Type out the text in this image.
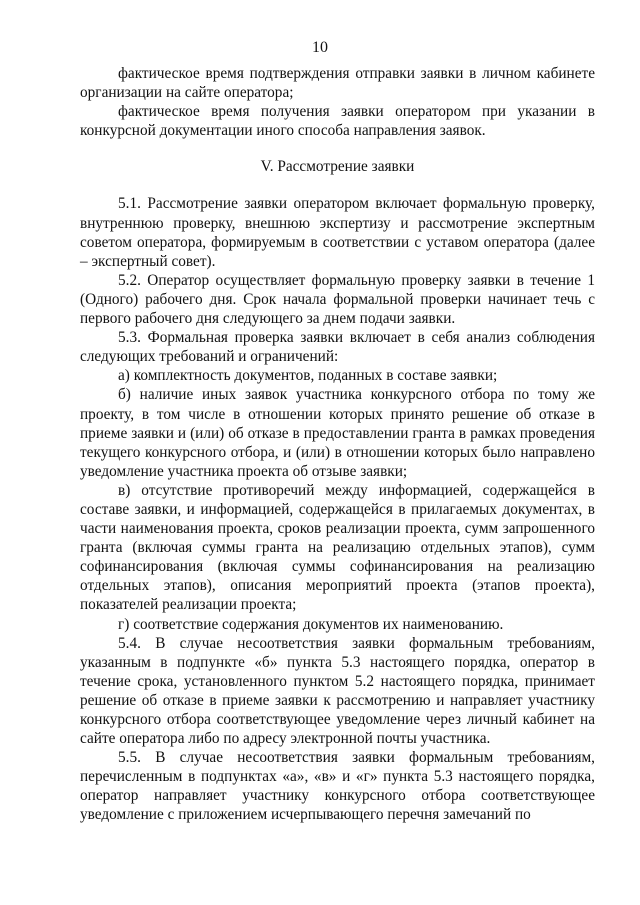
10

фактическое время подтверждения отправки заявки в личном кабинете организации на сайте оператора;

фактическое время получения заявки оператором при указании в конкурсной документации иного способа направления заявок.

V. Рассмотрение заявки

5.1. Рассмотрение заявки оператором включает формальную проверку, внутреннюю проверку, внешнюю экспертизу и рассмотрение экспертным советом оператора, формируемым в соответствии с уставом оператора (далее – экспертный совет).

5.2. Оператор осуществляет формальную проверку заявки в течение 1 (Одного) рабочего дня. Срок начала формальной проверки начинает течь с первого рабочего дня следующего за днем подачи заявки.

5.3. Формальная проверка заявки включает в себя анализ соблюдения следующих требований и ограничений:

а) комплектность документов, поданных в составе заявки;

б) наличие иных заявок участника конкурсного отбора по тому же проекту, в том числе в отношении которых принято решение об отказе в приеме заявки и (или) об отказе в предоставлении гранта в рамках проведения текущего конкурсного отбора, и (или) в отношении которых было направлено уведомление участника проекта об отзыве заявки;

в) отсутствие противоречий между информацией, содержащейся в составе заявки, и информацией, содержащейся в прилагаемых документах, в части наименования проекта, сроков реализации проекта, сумм запрошенного гранта (включая суммы гранта на реализацию отдельных этапов), сумм софинансирования (включая суммы софинансирования на реализацию отдельных этапов), описания мероприятий проекта (этапов проекта), показателей реализации проекта;

г) соответствие содержания документов их наименованию.

5.4. В случае несоответствия заявки формальным требованиям, указанным в подпункте «б» пункта 5.3 настоящего порядка, оператор в течение срока, установленного пунктом 5.2 настоящего порядка, принимает решение об отказе в приеме заявки к рассмотрению и направляет участнику конкурсного отбора соответствующее уведомление через личный кабинет на сайте оператора либо по адресу электронной почты участника.

5.5. В случае несоответствия заявки формальным требованиям, перечисленным в подпунктах «а», «в» и «г» пункта 5.3 настоящего порядка, оператор направляет участнику конкурсного отбора соответствующее уведомление с приложением исчерпывающего перечня замечаний по
